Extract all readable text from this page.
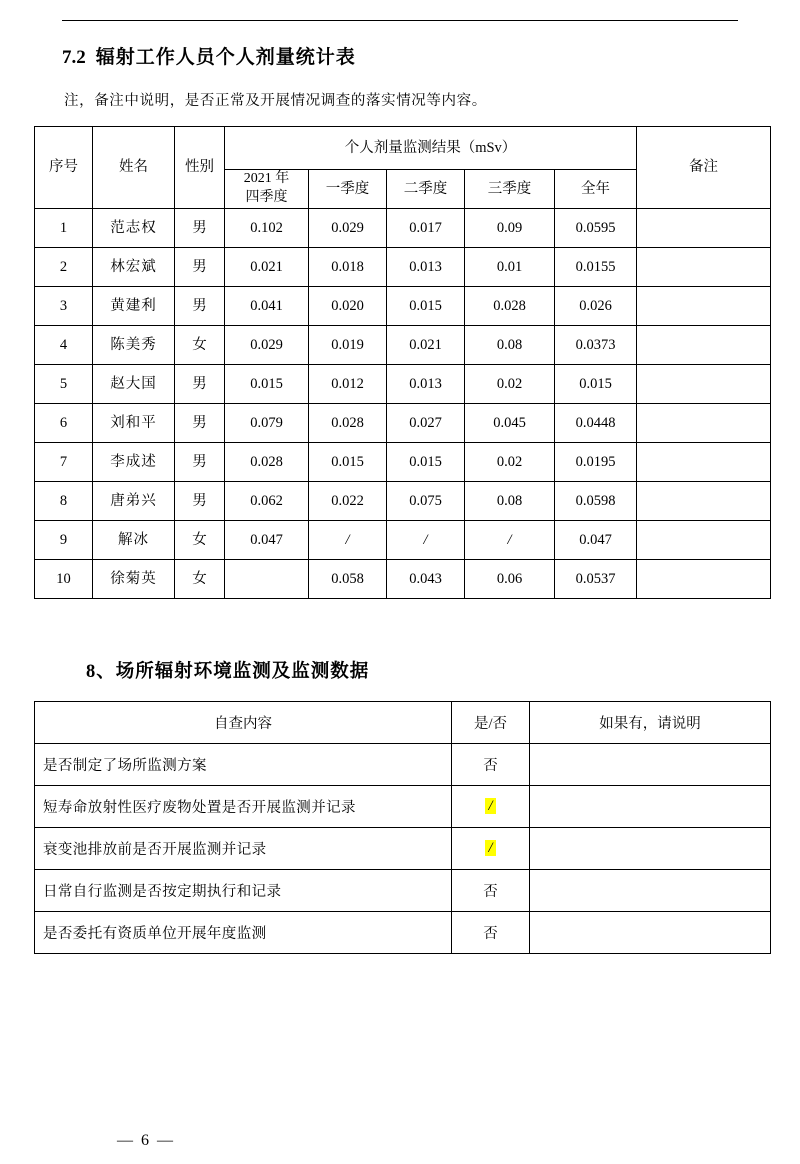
7.2 辐射工作人员个人剂量统计表

注，备注中说明，是否正常及开展情况调查的落实情况等内容。

序号	姓名	性别	个人剂量监测结果（mSv）					备注
			2021 年
四季度	一季度	二季度	三季度	全年	
1	范志权	男	0.102	0.029	0.017	0.09	0.0595	
2	林宏斌	男	0.021	0.018	0.013	0.01	0.0155	
3	黄建利	男	0.041	0.020	0.015	0.028	0.026	
4	陈美秀	女	0.029	0.019	0.021	0.08	0.0373	
5	赵大国	男	0.015	0.012	0.013	0.02	0.015	
6	刘和平	男	0.079	0.028	0.027	0.045	0.0448	
7	李成述	男	0.028	0.015	0.015	0.02	0.0195	
8	唐弟兴	男	0.062	0.022	0.075	0.08	0.0598	
9	解冰	女	0.047	/	/	/	0.047	
10	徐菊英	女		0.058	0.043	0.06	0.0537	
8、场所辐射环境监测及监测数据
自查内容	是/否	如果有，请说明
是否制定了场所监测方案	否	
短寿命放射性医疗废物处置是否开展监测并记录	/	
衰变池排放前是否开展监测并记录	/	
日常自行监测是否按定期执行和记录	否	
是否委托有资质单位开展年度监测	否	
— 6 —
